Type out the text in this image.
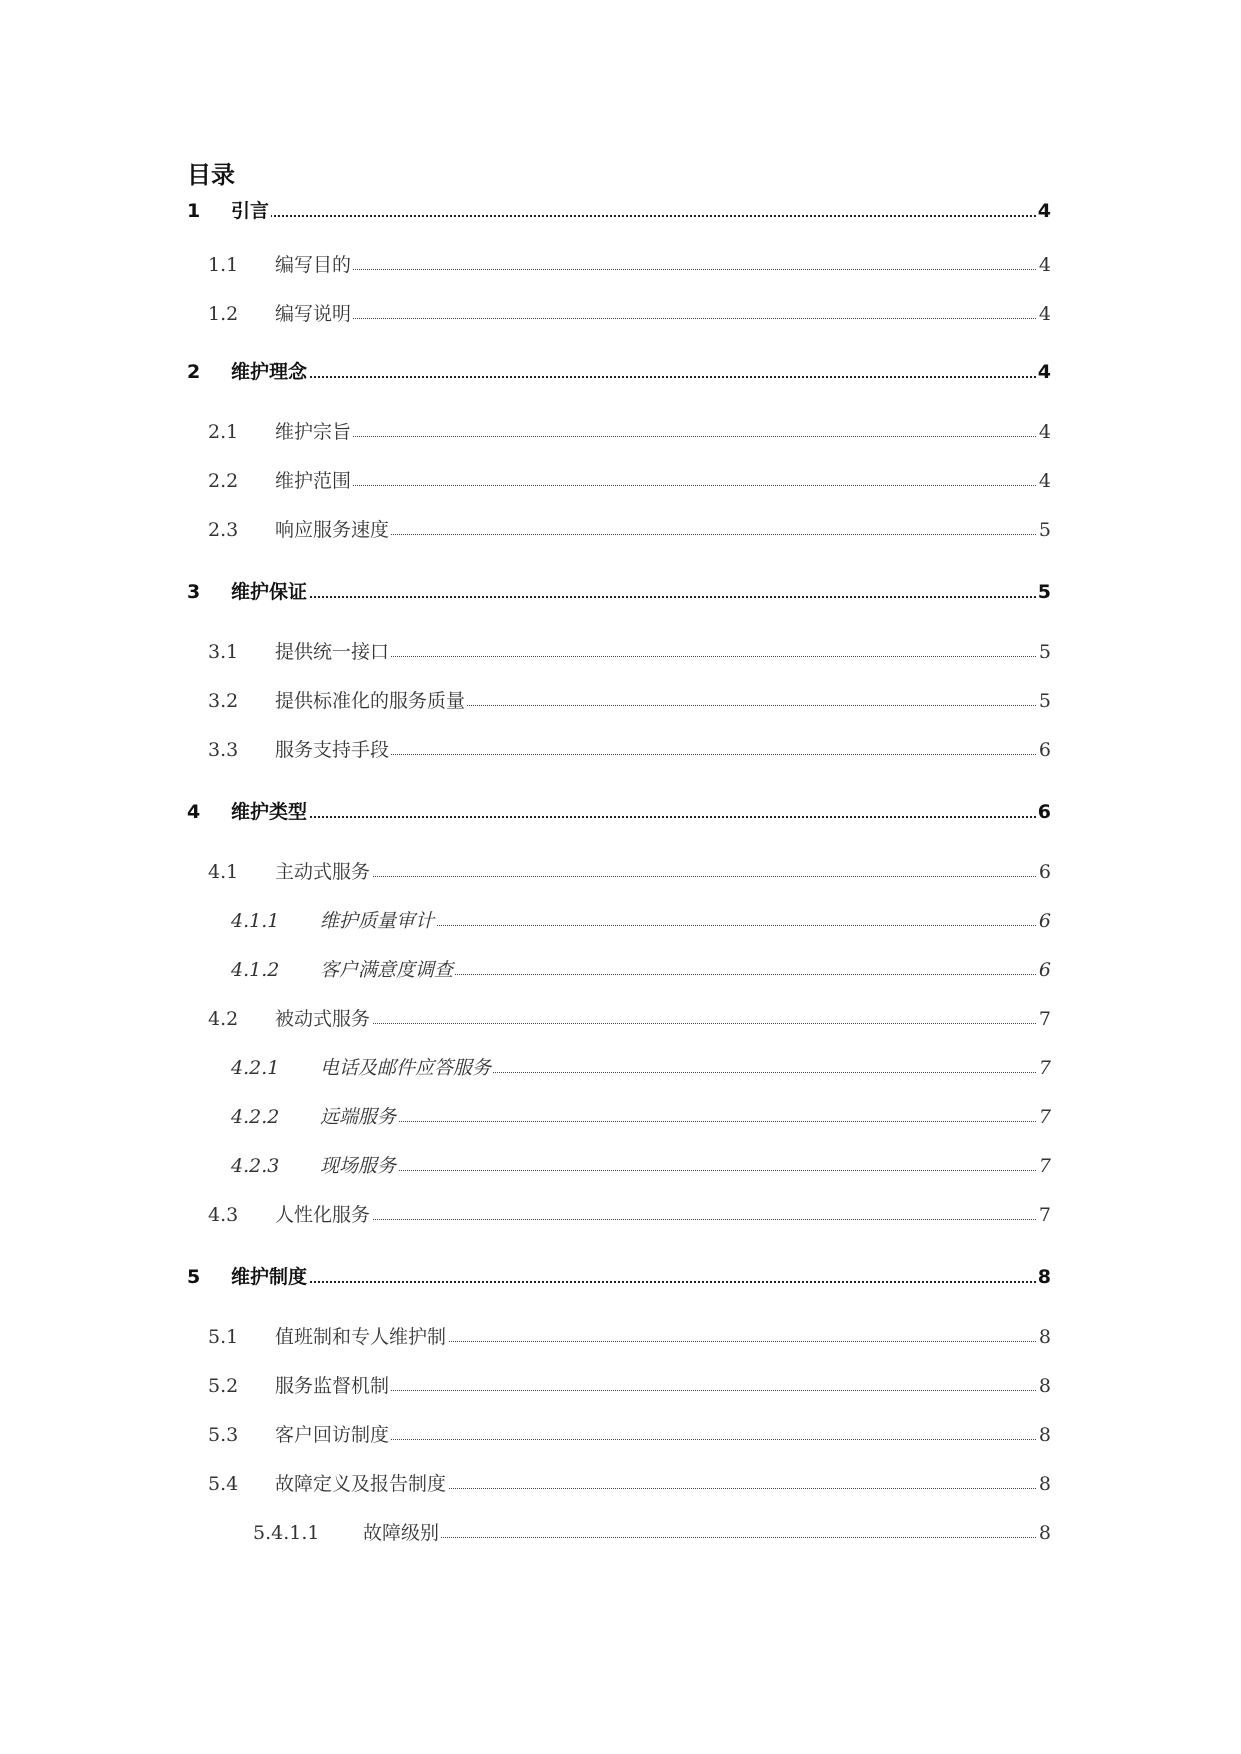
目录
1 引言	4
1.1 编写目的	4
1.2 编写说明	4
2 维护理念	4
2.1 维护宗旨	4
2.2 维护范围	4
2.3 响应服务速度	5
3 维护保证	5
3.1 提供统一接口	5
3.2 提供标准化的服务质量	5
3.3 服务支持手段	6
4 维护类型	6
4.1 主动式服务	6
4.1.1 维护质量审计	6
4.1.2 客户满意度调查	6
4.2 被动式服务	7
4.2.1 电话及邮件应答服务	7
4.2.2 远端服务	7
4.2.3 现场服务	7
4.3 人性化服务	7
5 维护制度	8
5.1 值班制和专人维护制	8
5.2 服务监督机制	8
5.3 客户回访制度	8
5.4 故障定义及报告制度	8
5.4.1.1 故障级别	8
